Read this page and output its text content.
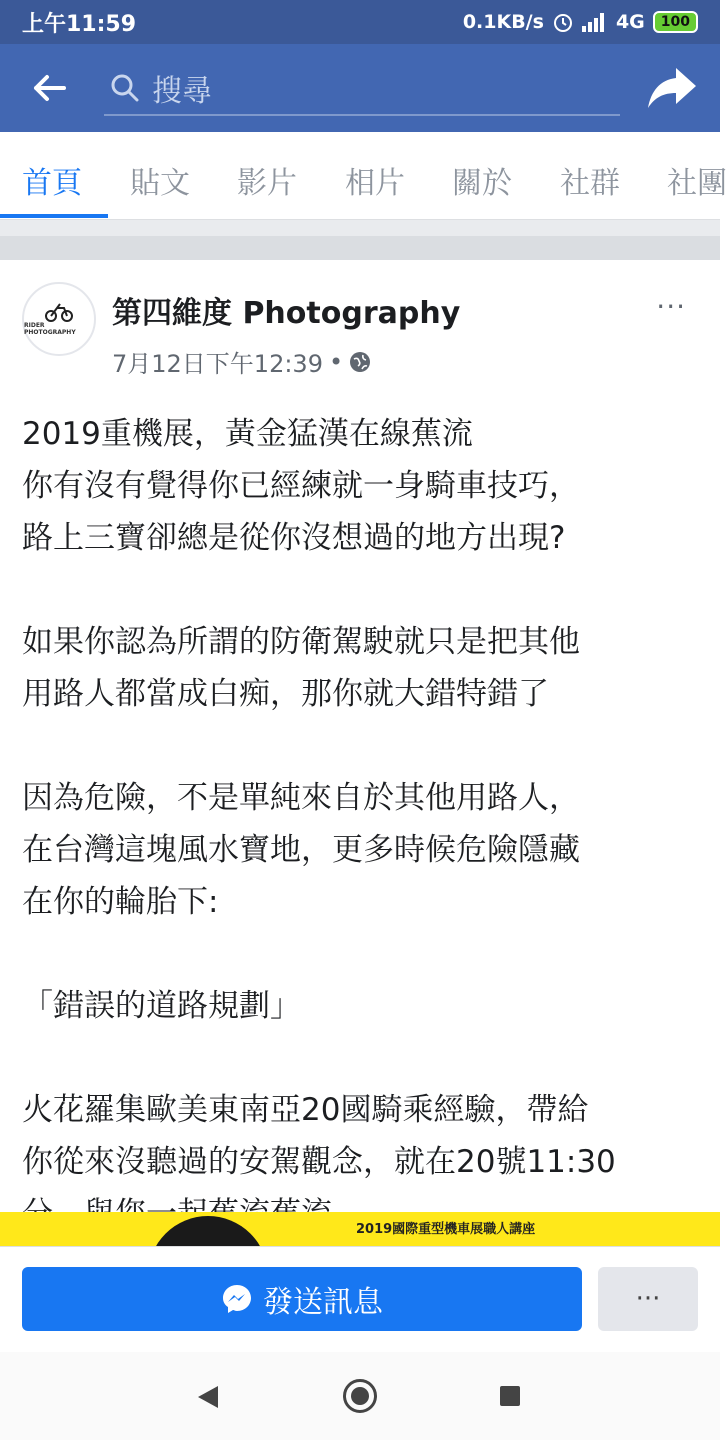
上午11:59	0.1KB/s	4G	100
搜尋
首頁 貼文 影片 相片 關於 社群 社團
RIDER PHOTOGRAPHY
第四維度 Photography
7月12日下午12:39 •
···

2019重機展，黃金猛漢在線蕉流
你有沒有覺得你已經練就一身騎車技巧，
路上三寶卻總是從你沒想過的地方出現?

如果你認為所謂的防衛駕駛就只是把其他
用路人都當成白痴，那你就大錯特錯了

因為危險，不是單純來自於其他用路人，
在台灣這塊風水寶地，更多時候危險隱藏
在你的輪胎下:

「錯誤的道路規劃」

火花羅集歐美東南亞20國騎乘經驗，帶給
你從來沒聽過的安駕觀念，就在20號11:30

2019國際重型機車展職人講座
發送訊息	···
